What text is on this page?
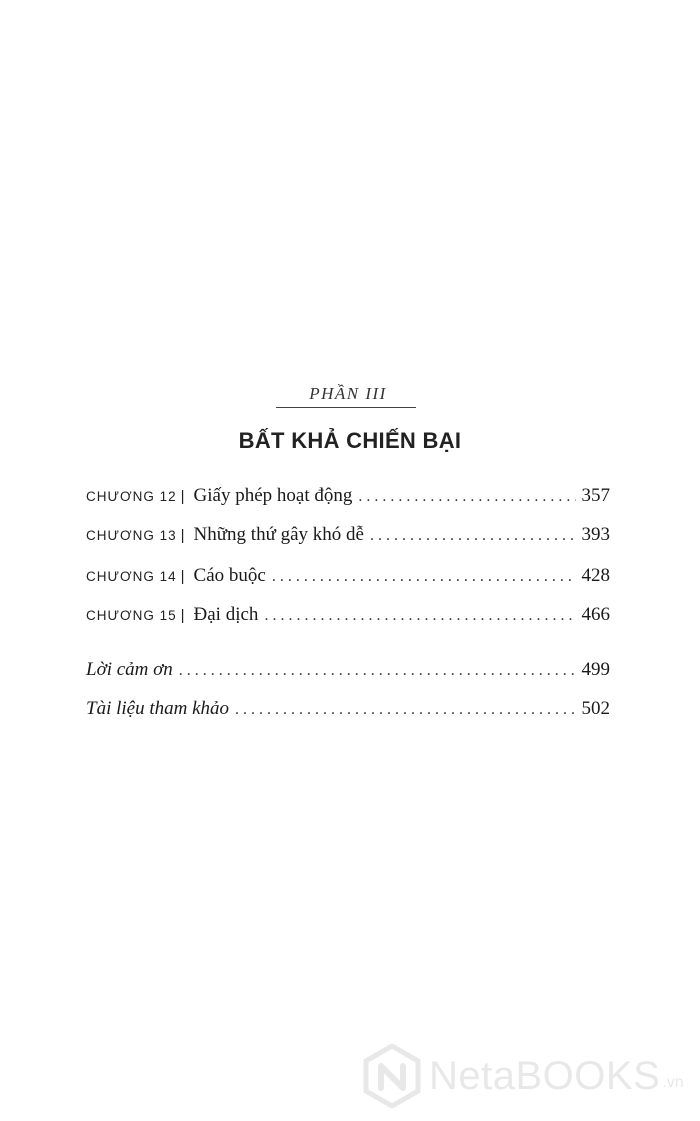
PHẦN III
BẤT KHẢ CHIẾN BẠI
CHƯƠNG 12 | Giấy phép hoạt động . . .	357
CHƯƠNG 13 | Những thứ gây khó dễ . . .	393
CHƯƠNG 14 | Cáo buộc . . .	428
CHƯƠNG 15 | Đại dịch . . .	466
Lời cảm ơn . . .	499
Tài liệu tham khảo . . .	502
NetaBOOKS .vn
